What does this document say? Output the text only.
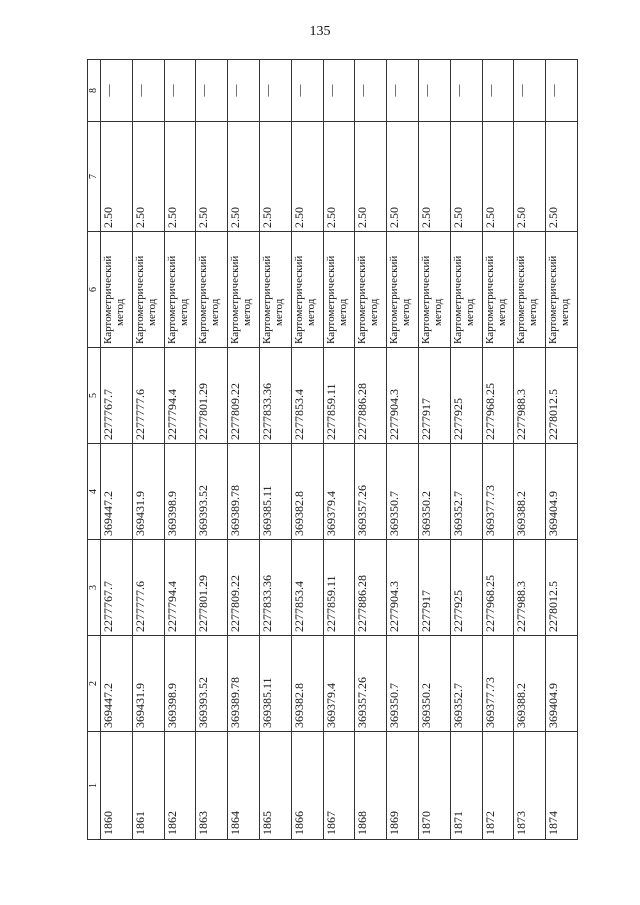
135
1	2	3	4	5	6	7	8
1860	369447.2	2277767.7	369447.2	2277767.7	Картометрический метод	2.50	—
1861	369431.9	2277777.6	369431.9	2277777.6	Картометрический метод	2.50	—
1862	369398.9	2277794.4	369398.9	2277794.4	Картометрический метод	2.50	—
1863	369393.52	2277801.29	369393.52	2277801.29	Картометрический метод	2.50	—
1864	369389.78	2277809.22	369389.78	2277809.22	Картометрический метод	2.50	—
1865	369385.11	2277833.36	369385.11	2277833.36	Картометрический метод	2.50	—
1866	369382.8	2277853.4	369382.8	2277853.4	Картометрический метод	2.50	—
1867	369379.4	2277859.11	369379.4	2277859.11	Картометрический метод	2.50	—
1868	369357.26	2277886.28	369357.26	2277886.28	Картометрический метод	2.50	—
1869	369350.7	2277904.3	369350.7	2277904.3	Картометрический метод	2.50	—
1870	369350.2	2277917	369350.2	2277917	Картометрический метод	2.50	—
1871	369352.7	2277925	369352.7	2277925	Картометрический метод	2.50	—
1872	369377.73	2277968.25	369377.73	2277968.25	Картометрический метод	2.50	—
1873	369388.2	2277988.3	369388.2	2277988.3	Картометрический метод	2.50	—
1874	369404.9	2278012.5	369404.9	2278012.5	Картометрический метод	2.50	—
